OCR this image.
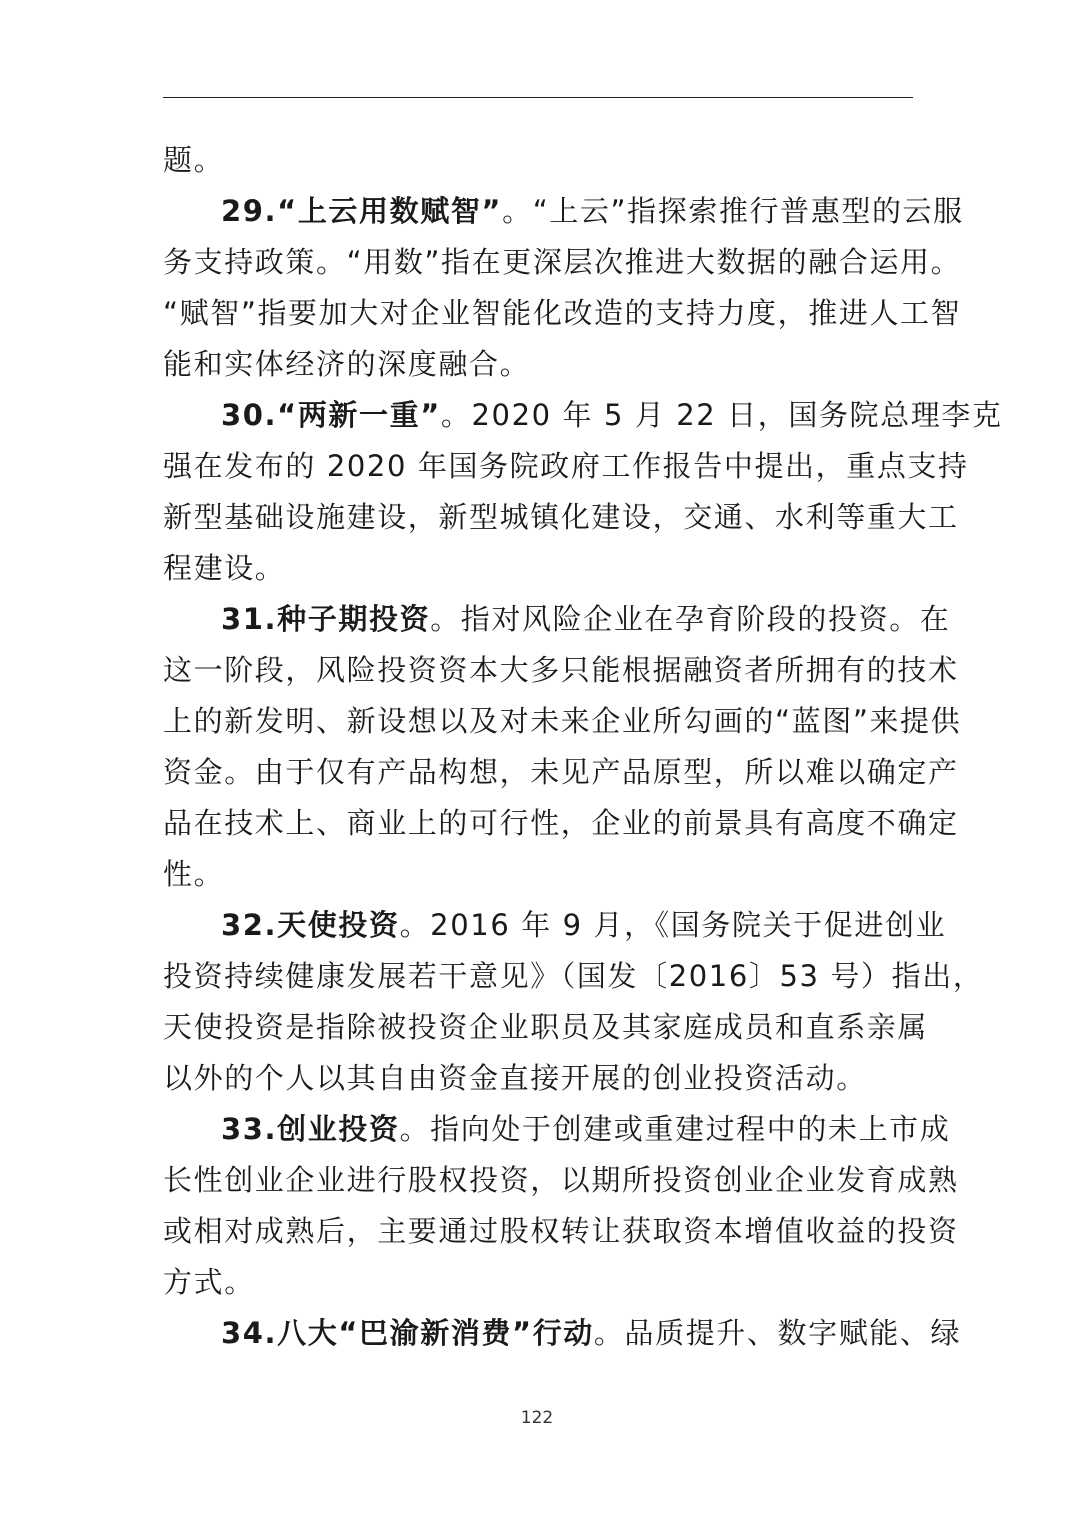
题。
29.“上云用数赋智”。“上云”指探索推行普惠型的云服
务支持政策。“用数”指在更深层次推进大数据的融合运用。
“赋智”指要加大对企业智能化改造的支持力度，推进人工智
能和实体经济的深度融合。
30.“两新一重”。2020 年 5 月 22 日，国务院总理李克
强在发布的 2020 年国务院政府工作报告中提出，重点支持
新型基础设施建设，新型城镇化建设，交通、水利等重大工
程建设。
31.种子期投资。指对风险企业在孕育阶段的投资。在
这一阶段，风险投资资本大多只能根据融资者所拥有的技术
上的新发明、新设想以及对未来企业所勾画的“蓝图”来提供
资金。由于仅有产品构想，未见产品原型，所以难以确定产
品在技术上、商业上的可行性，企业的前景具有高度不确定
性。
32.天使投资。2016 年 9 月，《国务院关于促进创业
投资持续健康发展若干意见》（国发〔2016〕53 号）指出，
天使投资是指除被投资企业职员及其家庭成员和直系亲属
以外的个人以其自由资金直接开展的创业投资活动。
33.创业投资。指向处于创建或重建过程中的未上市成
长性创业企业进行股权投资，以期所投资创业企业发育成熟
或相对成熟后，主要通过股权转让获取资本增值收益的投资
方式。
34.八大“巴渝新消费”行动。品质提升、数字赋能、绿
122
